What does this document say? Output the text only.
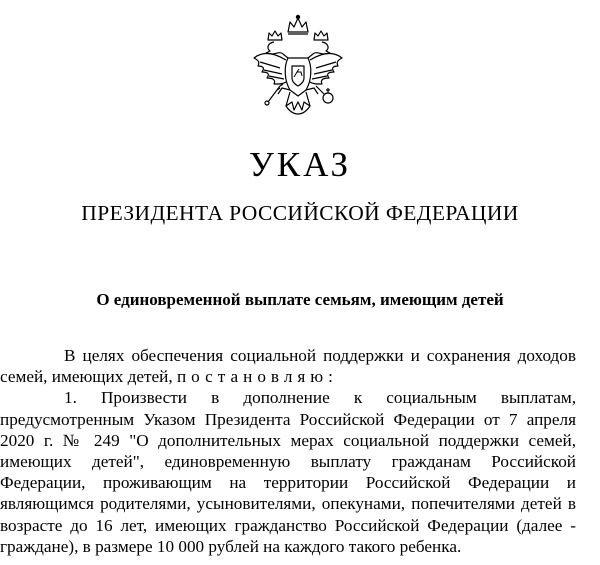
УКАЗ
ПРЕЗИДЕНТА РОССИЙСКОЙ ФЕДЕРАЦИИ
О единовременной выплате семьям, имеющим детей

В целях обеспечения социальной поддержки и сохранения доходов семей, имеющих детей, постановляю:

1. Произвести в дополнение к социальным выплатам, предусмотренным Указом Президента Российской Федерации от 7 апреля 2020 г. № 249 "О дополнительных мерах социальной поддержки семей, имеющих детей", единовременную выплату гражданам Российской Федерации, проживающим на территории Российской Федерации и являющимся родителями, усыновителями, опекунами, попечителями детей в возрасте до 16 лет, имеющих гражданство Российской Федерации (далее - граждане), в размере 10 000 рублей на каждого такого ребенка.
